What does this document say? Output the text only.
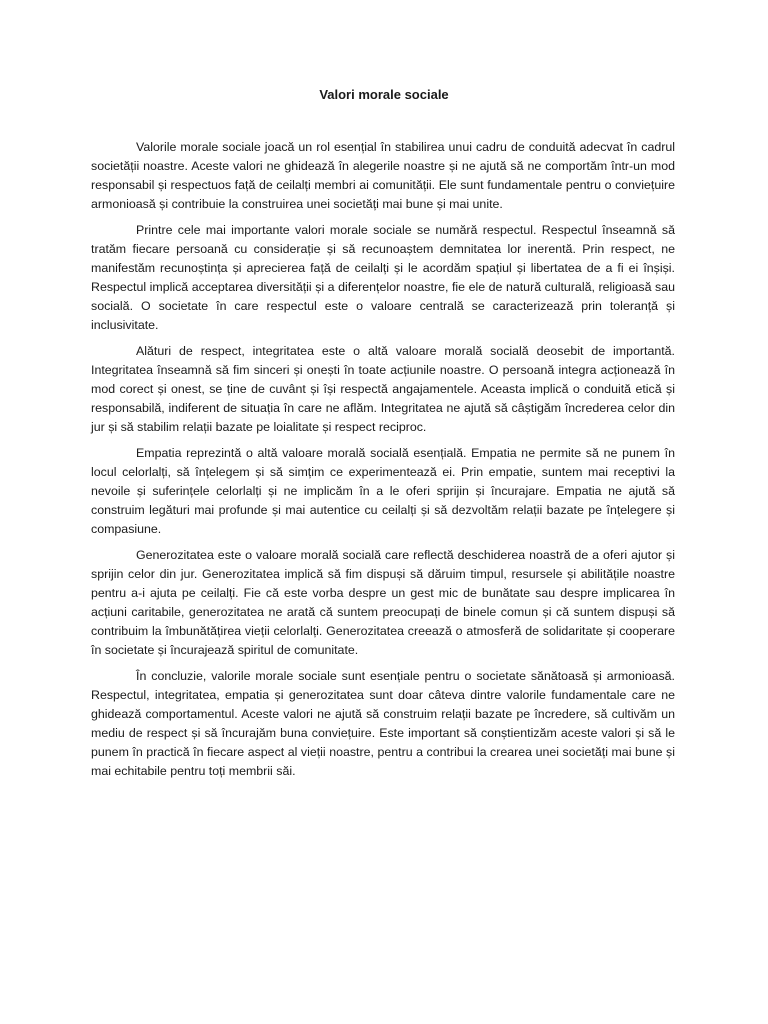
Valori morale sociale

Valorile morale sociale joacă un rol esențial în stabilirea unui cadru de conduită adecvat în cadrul societății noastre. Aceste valori ne ghidează în alegerile noastre și ne ajută să ne comportăm într-un mod responsabil și respectuos față de ceilalți membri ai comunității. Ele sunt fundamentale pentru o conviețuire armonioasă și contribuie la construirea unei societăți mai bune și mai unite.

Printre cele mai importante valori morale sociale se numără respectul. Respectul înseamnă să tratăm fiecare persoană cu considerație și să recunoaștem demnitatea lor inerentă. Prin respect, ne manifestăm recunoștința și aprecierea față de ceilalți și le acordăm spațiul și libertatea de a fi ei înșiși. Respectul implică acceptarea diversității și a diferențelor noastre, fie ele de natură culturală, religioasă sau socială. O societate în care respectul este o valoare centrală se caracterizează prin toleranță și inclusivitate.

Alături de respect, integritatea este o altă valoare morală socială deosebit de importantă. Integritatea înseamnă să fim sinceri și onești în toate acțiunile noastre. O persoană integra acționează în mod corect și onest, se ține de cuvânt și își respectă angajamentele. Aceasta implică o conduită etică și responsabilă, indiferent de situația în care ne aflăm. Integritatea ne ajută să câștigăm încrederea celor din jur și să stabilim relații bazate pe loialitate și respect reciproc.

Empatia reprezintă o altă valoare morală socială esențială. Empatia ne permite să ne punem în locul celorlalți, să înțelegem și să simțim ce experimentează ei. Prin empatie, suntem mai receptivi la nevoile și suferințele celorlalți și ne implicăm în a le oferi sprijin și încurajare. Empatia ne ajută să construim legături mai profunde și mai autentice cu ceilalți și să dezvoltăm relații bazate pe înțelegere și compasiune.

Generozitatea este o valoare morală socială care reflectă deschiderea noastră de a oferi ajutor și sprijin celor din jur. Generozitatea implică să fim dispuși să dăruim timpul, resursele și abilitățile noastre pentru a-i ajuta pe ceilalți. Fie că este vorba despre un gest mic de bunătate sau despre implicarea în acțiuni caritabile, generozitatea ne arată că suntem preocupați de binele comun și că suntem dispuși să contribuim la îmbunătățirea vieții celorlalți. Generozitatea creează o atmosferă de solidaritate și cooperare în societate și încurajează spiritul de comunitate.

În concluzie, valorile morale sociale sunt esențiale pentru o societate sănătoasă și armonioasă. Respectul, integritatea, empatia și generozitatea sunt doar câteva dintre valorile fundamentale care ne ghidează comportamentul. Aceste valori ne ajută să construim relații bazate pe încredere, să cultivăm un mediu de respect și să încurajăm buna conviețuire. Este important să conștientizăm aceste valori și să le punem în practică în fiecare aspect al vieții noastre, pentru a contribui la crearea unei societăți mai bune și mai echitabile pentru toți membrii săi.
